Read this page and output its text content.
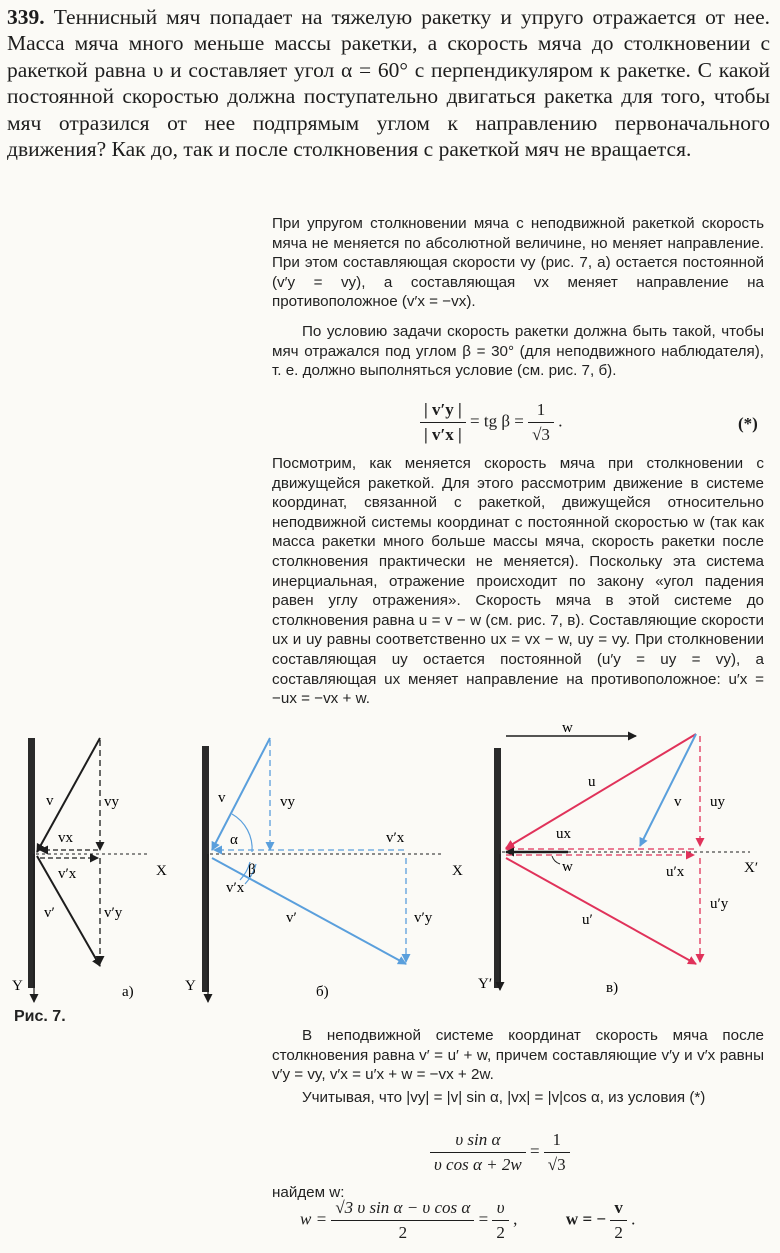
339. Теннисный мяч попадает на тяжелую ракетку и упруго отражается от нее. Масса мяча много меньше массы ракетки, а скорость мяча до столкновении с ракеткой равна υ и составляет угол α = 60° с перпендикуляром к ракетке. С какой постоянной скоростью должна поступательно двигаться ракетка для того, чтобы мяч отразился от нее подпрямым углом к направлению первоначального движения? Как до, так и после столкновения с ракеткой мяч не вращается.
При упругом столкновении мяча с неподвижной ракеткой скорость мяча не меняется по абсолютной величине, но меняет направление. При этом составляющая скорости vy (рис. 7, а) остается постоянной (v′y = vy), а составляющая vx меняет направление на противоположное (v′x = −vx).
По условию задачи скорость ракетки должна быть такой, чтобы мяч отражался под углом β = 30° (для неподвижного наблюдателя), т. е. должно выполняться условие (см. рис. 7, б).
$\frac{| v'y |}{| v'x |}$ = tg $\beta = \frac{1}{√3}$ .	(*)
Посмотрим, как меняется скорость мяча при столкновении с движущейся ракеткой. Для этого рассмотрим движение в системе координат, связанной с ракеткой, движущейся относительно неподвижной системы координат с постоянной скоростью w (так как масса ракетки много больше массы мяча, скорость ракетки после столкновения практически не меняется). Поскольку эта система инерциальная, отражение происходит по закону «угол падения равен углу отражения». Скорость мяча в этой системе до столкновения равна u = v − w (см. рис. 7, в). Составляющие скорости ux и uy равны соответственно ux = vx − w, uy = vy. При столкновении составляющая uy остается постоянной (u′y = uy = vy), а составляющая ux меняет направление на противоположное: u′x = −ux = −vx + w.
v	vy
vx
v′x
v′	v′y
X
Y	а)
v	vy
α
β
v′x
v′x
v′	v′y
X
Y	б)
w
u
v uy
ux
w	u′x
u′
u′y
X′
Y′	в)
Рис. 7.
В неподвижной системе координат скорость мяча после столкновения равна v′ = u′ + w, причем составляющие v′y и v′x равны v′y = vy, v′x = u′x + w = −vx + 2w.
Учитывая, что |vy| = |v| sin α, |vx| = |v|cos α, из условия (*)
$\frac{\text{υ sin α}}{\text{υ cos α + 2w}} = \frac{1}{√3}$
найдем w:
$w = \frac{\text{√3 υ sin α − υ cos α}}{2} = \frac{\upsilon}{2}$ ,	w = − $\frac{v}{2}$ .
